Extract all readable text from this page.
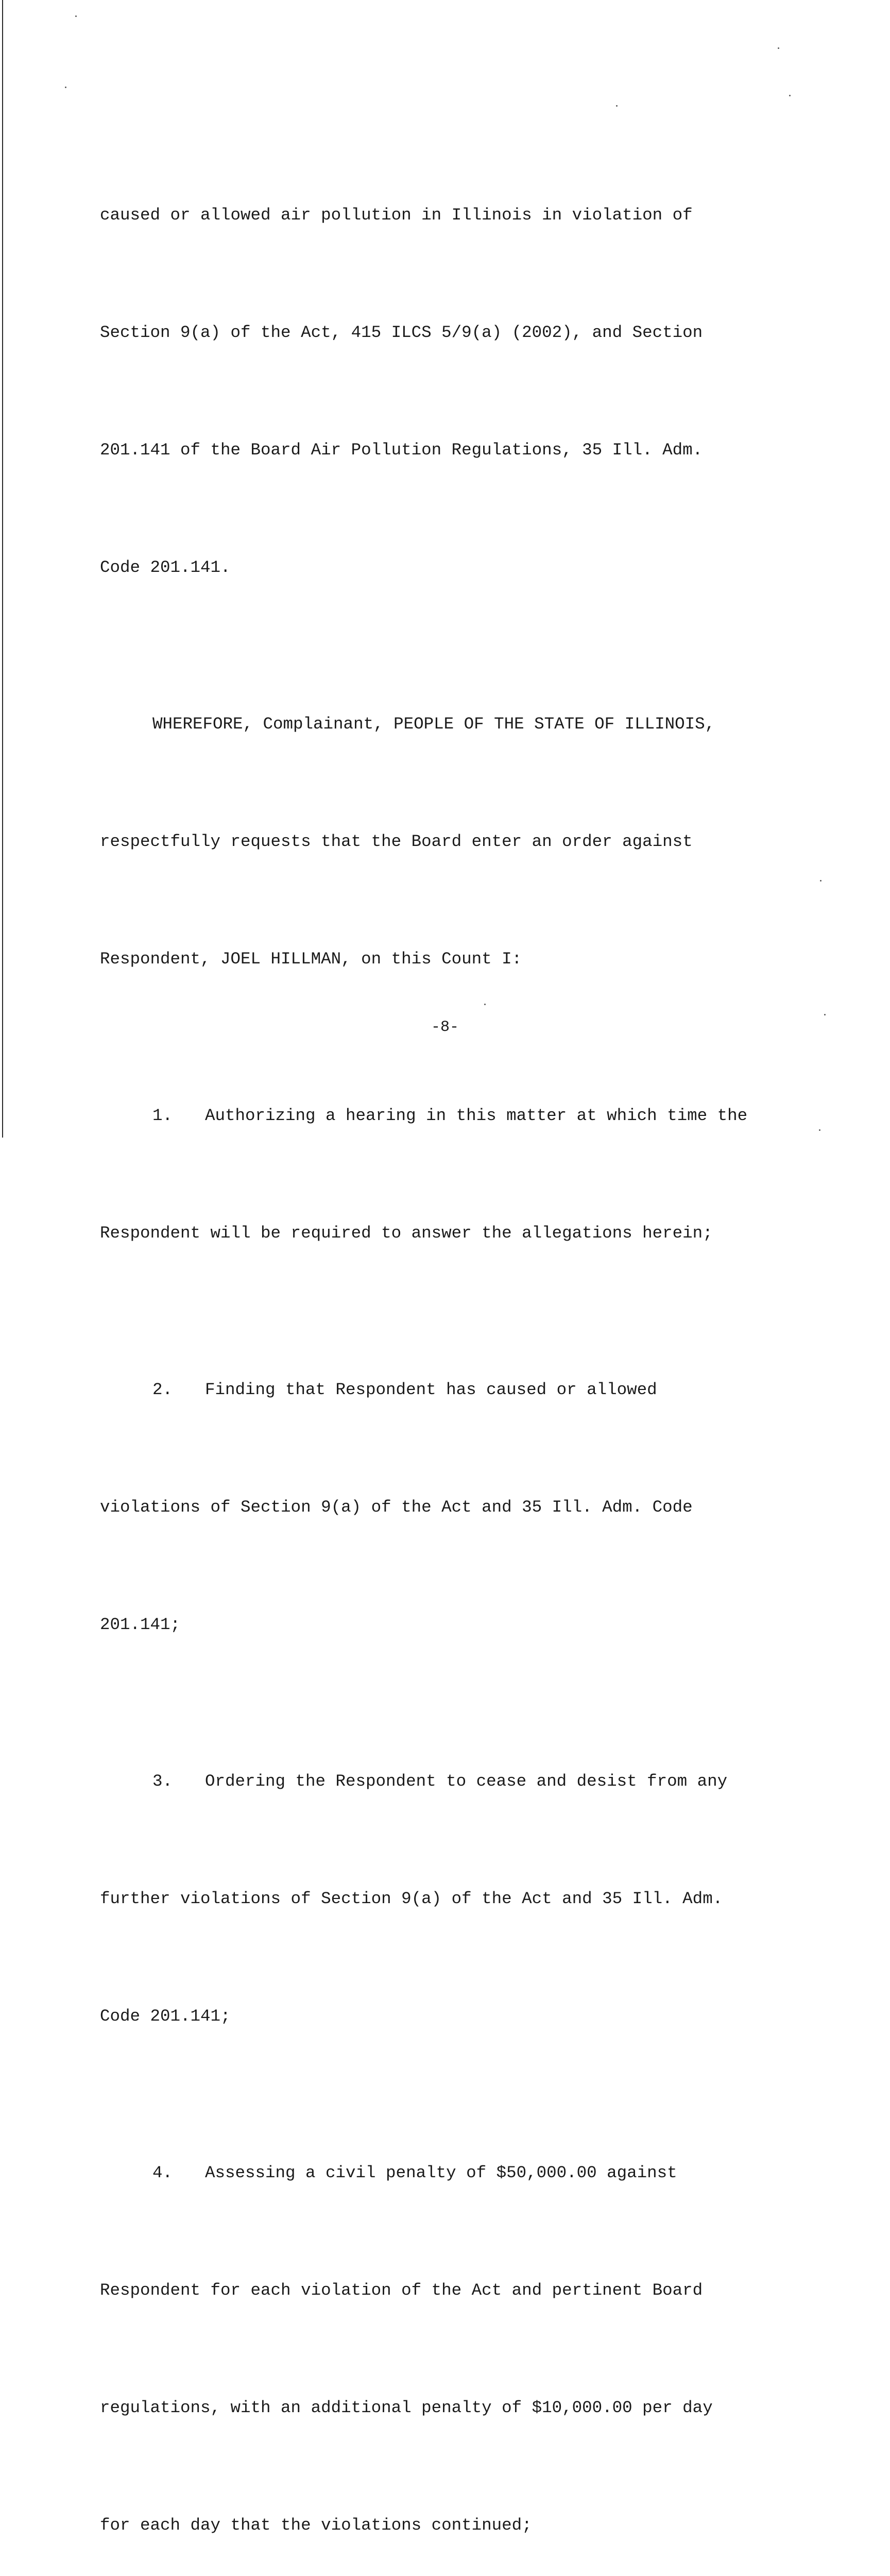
caused or allowed air pollution in Illinois in violation of

Section 9(a) of the Act, 415 ILCS 5/9(a) (2002), and Section

201.141 of the Board Air Pollution Regulations, 35 Ill. Adm.

Code 201.141.

WHEREFORE, Complainant, PEOPLE OF THE STATE OF ILLINOIS,

respectfully requests that the Board enter an order against

Respondent, JOEL HILLMAN, on this Count I:

1. Authorizing a hearing in this matter at which time the

Respondent will be required to answer the allegations herein;

2. Finding that Respondent has caused or allowed

violations of Section 9(a) of the Act and 35 Ill. Adm. Code

201.141;

3. Ordering the Respondent to cease and desist from any

further violations of Section 9(a) of the Act and 35 Ill. Adm.

Code 201.141;

4. Assessing a civil penalty of $50,000.00 against

Respondent for each violation of the Act and pertinent Board

regulations, with an additional penalty of $10,000.00 per day

for each day that the violations continued;

-8-
